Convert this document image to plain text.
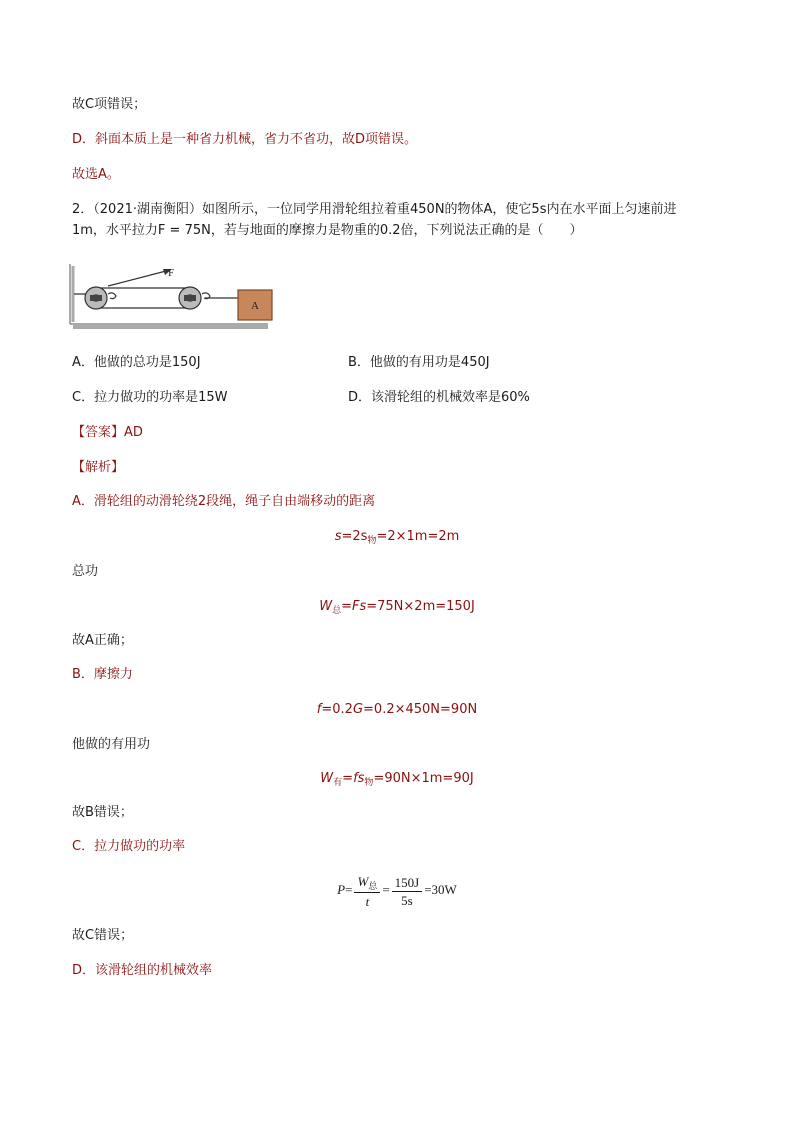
故C项错误；
D．斜面本质上是一种省力机械，省力不省功，故D项错误。
故选A。
2．（2021·湖南衡阳）如图所示，一位同学用滑轮组拉着重450N的物体A，使它5s内在水平面上匀速前进
1m，水平拉力F = 75N，若与地面的摩擦力是物重的0.2倍，下列说法正确的是（　　）
F
A
A．他做的总功是150J	B．他做的有用功是450J
C．拉力做功的功率是15W	D．该滑轮组的机械效率是60%
【答案】AD
【解析】
A．滑轮组的动滑轮绕2段绳，绳子自由端移动的距离
$s=2s_物=2\times 1m=2m$
总功
$W_总=Fs=75N\times 2m=150J$
故A正确；
B．摩擦力
f=0.2G=0.2×450N=90N
他做的有用功
$W_有=fs_物=90N\times 1m=90J$
故B错误；
C．拉力做功的功率
$P= \frac{W_总}{t} = \frac{150J}{5s} =30W$
故C错误；
D．该滑轮组的机械效率
